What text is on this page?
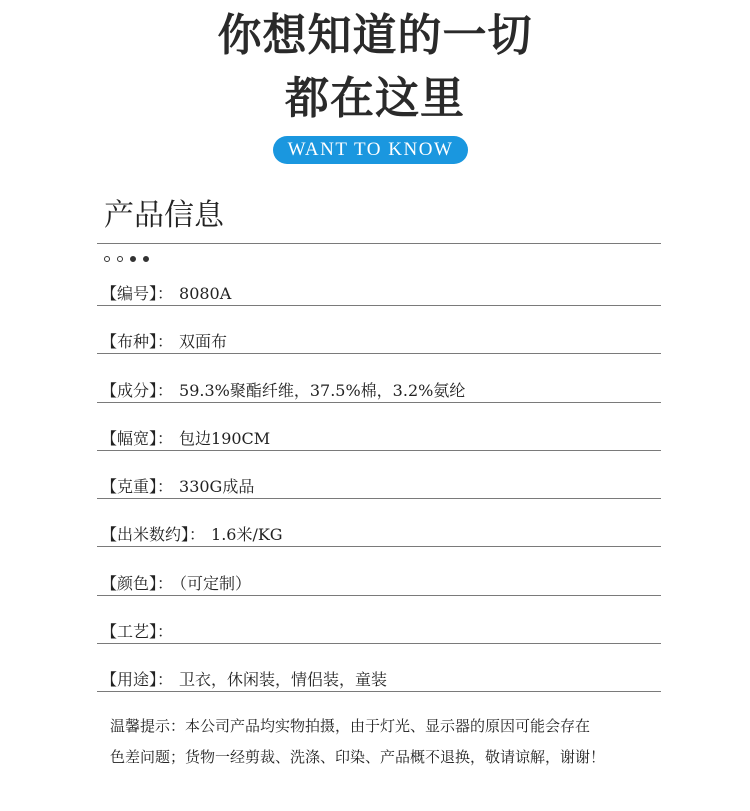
你想知道的一切
都在这里
WANT TO KNOW
产品信息
【编号】： 8080A
【布种】： 双面布
【成分】： 59.3%聚酯纤维，37.5%棉，3.2%氨纶
【幅宽】： 包边190CM
【克重】： 330G成品
【出米数约】： 1.6米/KG
【颜色】： （可定制）
【工艺】：
【用途】： 卫衣，休闲装，情侣装，童装
温馨提示：本公司产品均实物拍摄，由于灯光、显示器的原因可能会存在
色差问题；货物一经剪裁、洗涤、印染、产品概不退换，敬请谅解，谢谢！
